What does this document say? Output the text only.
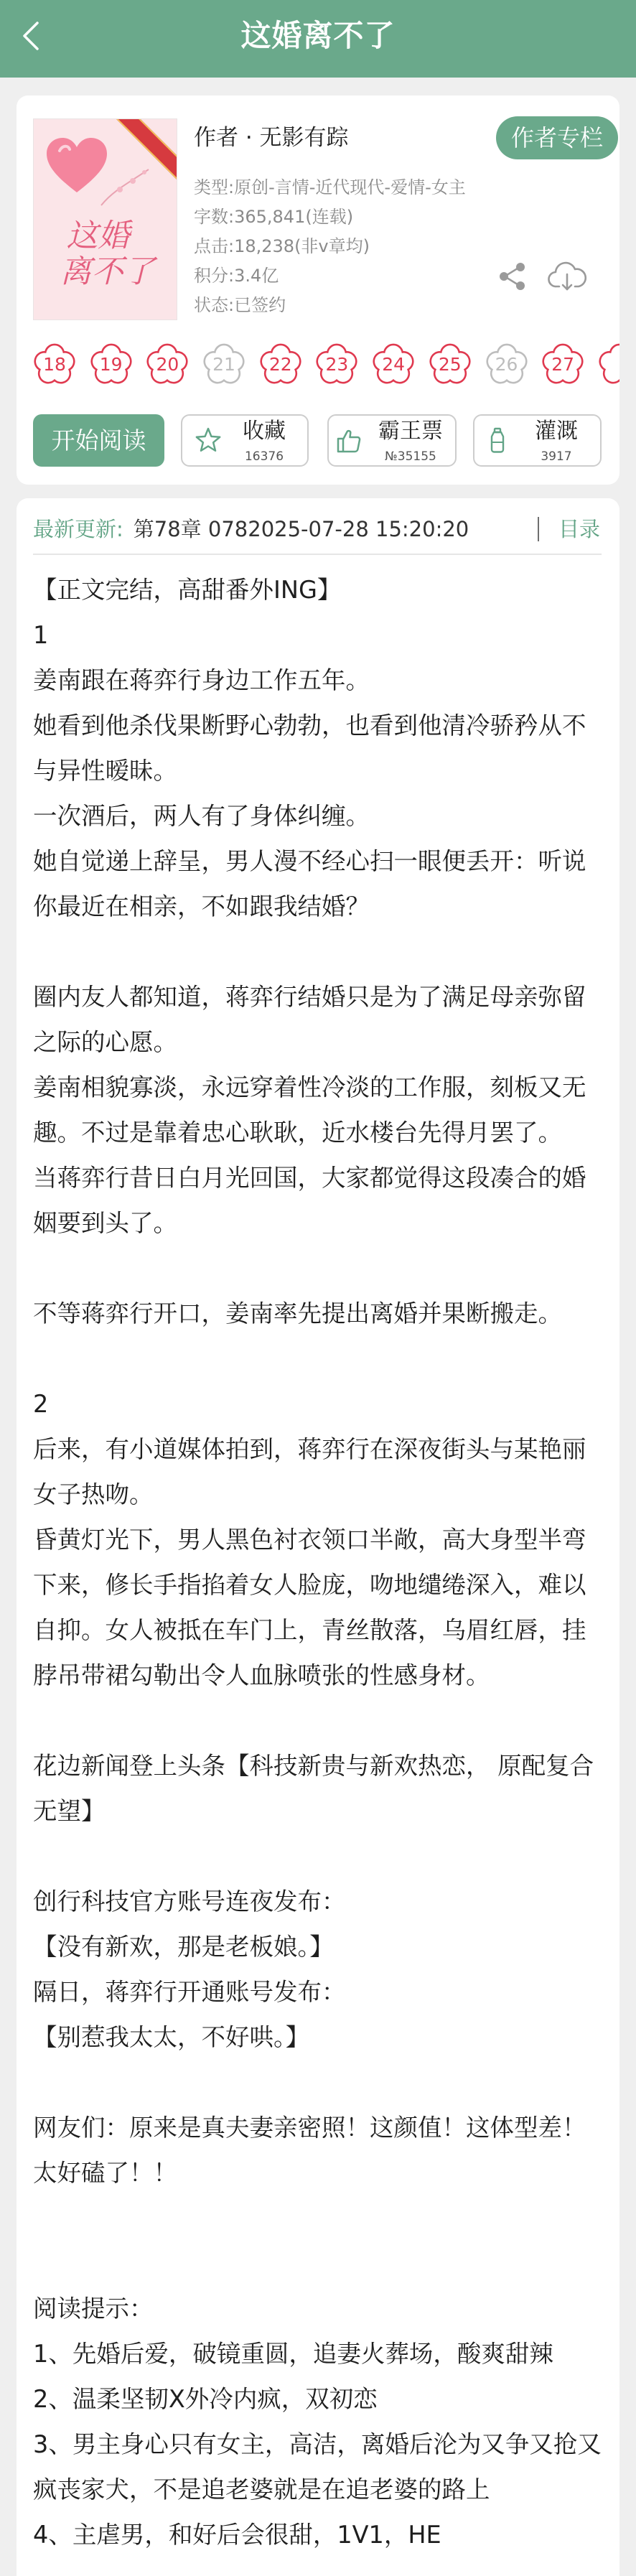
这婚离不了
这婚
离不了
作者 · 无影有踪	作者专栏
类型:原创-言情-近代现代-爱情-女主
字数:365,841(连载)
点击:18,238(非v章均)
积分:3.4亿
状态:已签约
18	19	20	21	22	23	24	25	26	27
开始阅读	收藏
16376
霸王票
№35155
灌溉
3917
最新更新: 第78章 0782025-07-28 15:20:20	目录
【正文完结，高甜番外ING】
1
姜南跟在蒋弈行身边工作五年。
她看到他杀伐果断野心勃勃，也看到他清冷骄矜从不
与异性暧昧。
一次酒后，两人有了身体纠缠。
她自觉递上辞呈，男人漫不经心扫一眼便丢开：听说
你最近在相亲，不如跟我结婚？
圈内友人都知道，蒋弈行结婚只是为了满足母亲弥留
之际的心愿。
姜南相貌寡淡，永远穿着性冷淡的工作服，刻板又无
趣。不过是靠着忠心耿耿，近水楼台先得月罢了。
当蒋弈行昔日白月光回国，大家都觉得这段凑合的婚
姻要到头了。
不等蒋弈行开口，姜南率先提出离婚并果断搬走。
2
后来，有小道媒体拍到，蒋弈行在深夜街头与某艳丽
女子热吻。
昏黄灯光下，男人黑色衬衣领口半敞，高大身型半弯
下来，修长手指掐着女人脸庞，吻地缱绻深入，难以
自抑。女人被抵在车门上，青丝散落，乌眉红唇，挂
脖吊带裙勾勒出令人血脉喷张的性感身材。
花边新闻登上头条【科技新贵与新欢热恋， 原配复合
无望】
创行科技官方账号连夜发布：
【没有新欢，那是老板娘。】
隔日，蒋弈行开通账号发布：
【别惹我太太，不好哄。】
网友们：原来是真夫妻亲密照！这颜值！这体型差！
太好磕了！！
阅读提示：
1、先婚后爱，破镜重圆，追妻火葬场，酸爽甜辣
2、温柔坚韧X外冷内疯，双初恋
3、男主身心只有女主，高洁，离婚后沦为又争又抢又
疯丧家犬，不是追老婆就是在追老婆的路上
4、主虐男，和好后会很甜，1V1，HE
